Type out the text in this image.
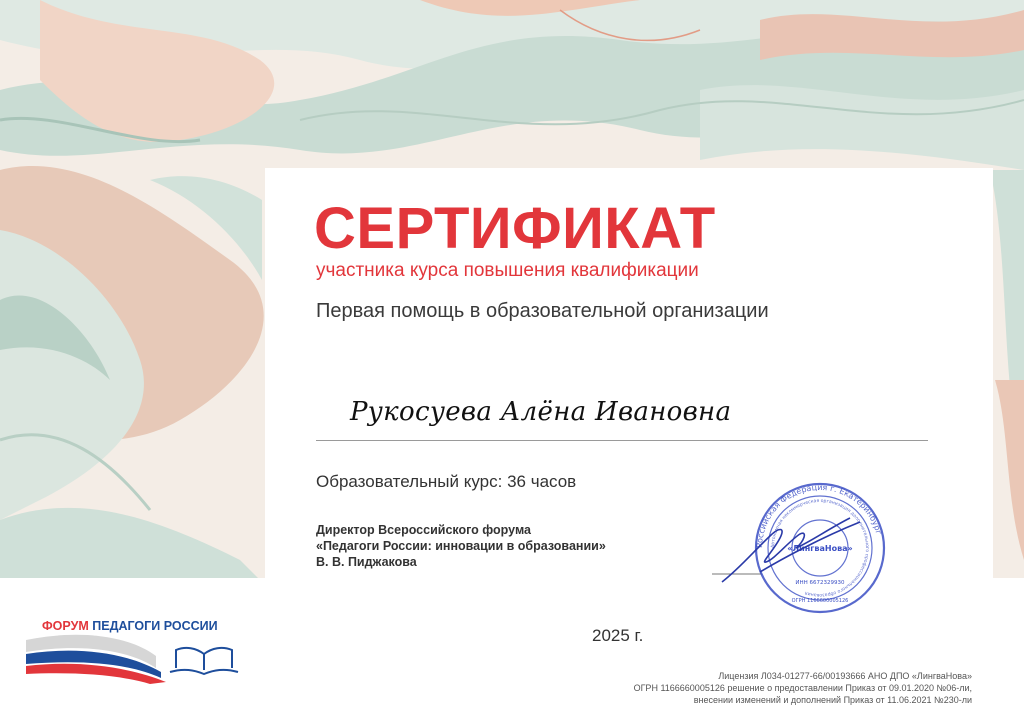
СЕРТИФИКАТ
участника курса повышения квалификации
Первая помощь в образовательной организации
Рукосуева Алёна Ивановна
Образовательный курс: 36 часов
Директор Всероссийского форума
«Педагоги России: инновации в образовании»
В. В. Пиджакова
Российская Федерация г. Екатеринбург
Автономная некоммерческая организация дополнительного профессионального образования
«ЛингваНова»
ИНН 6672329930
ОГРН 1166600005126
ФОРУМ ПЕДАГОГИ РОССИИ	2025 г.
Лицензия Л034-01277-66/00193666 АНО ДПО «ЛингваНова»
ОГРН 1166660005126 решение о предоставлении Приказ от 09.01.2020 №06-ли,
внесении изменений и дополнений Приказ от 11.06.2021 №230-ли
